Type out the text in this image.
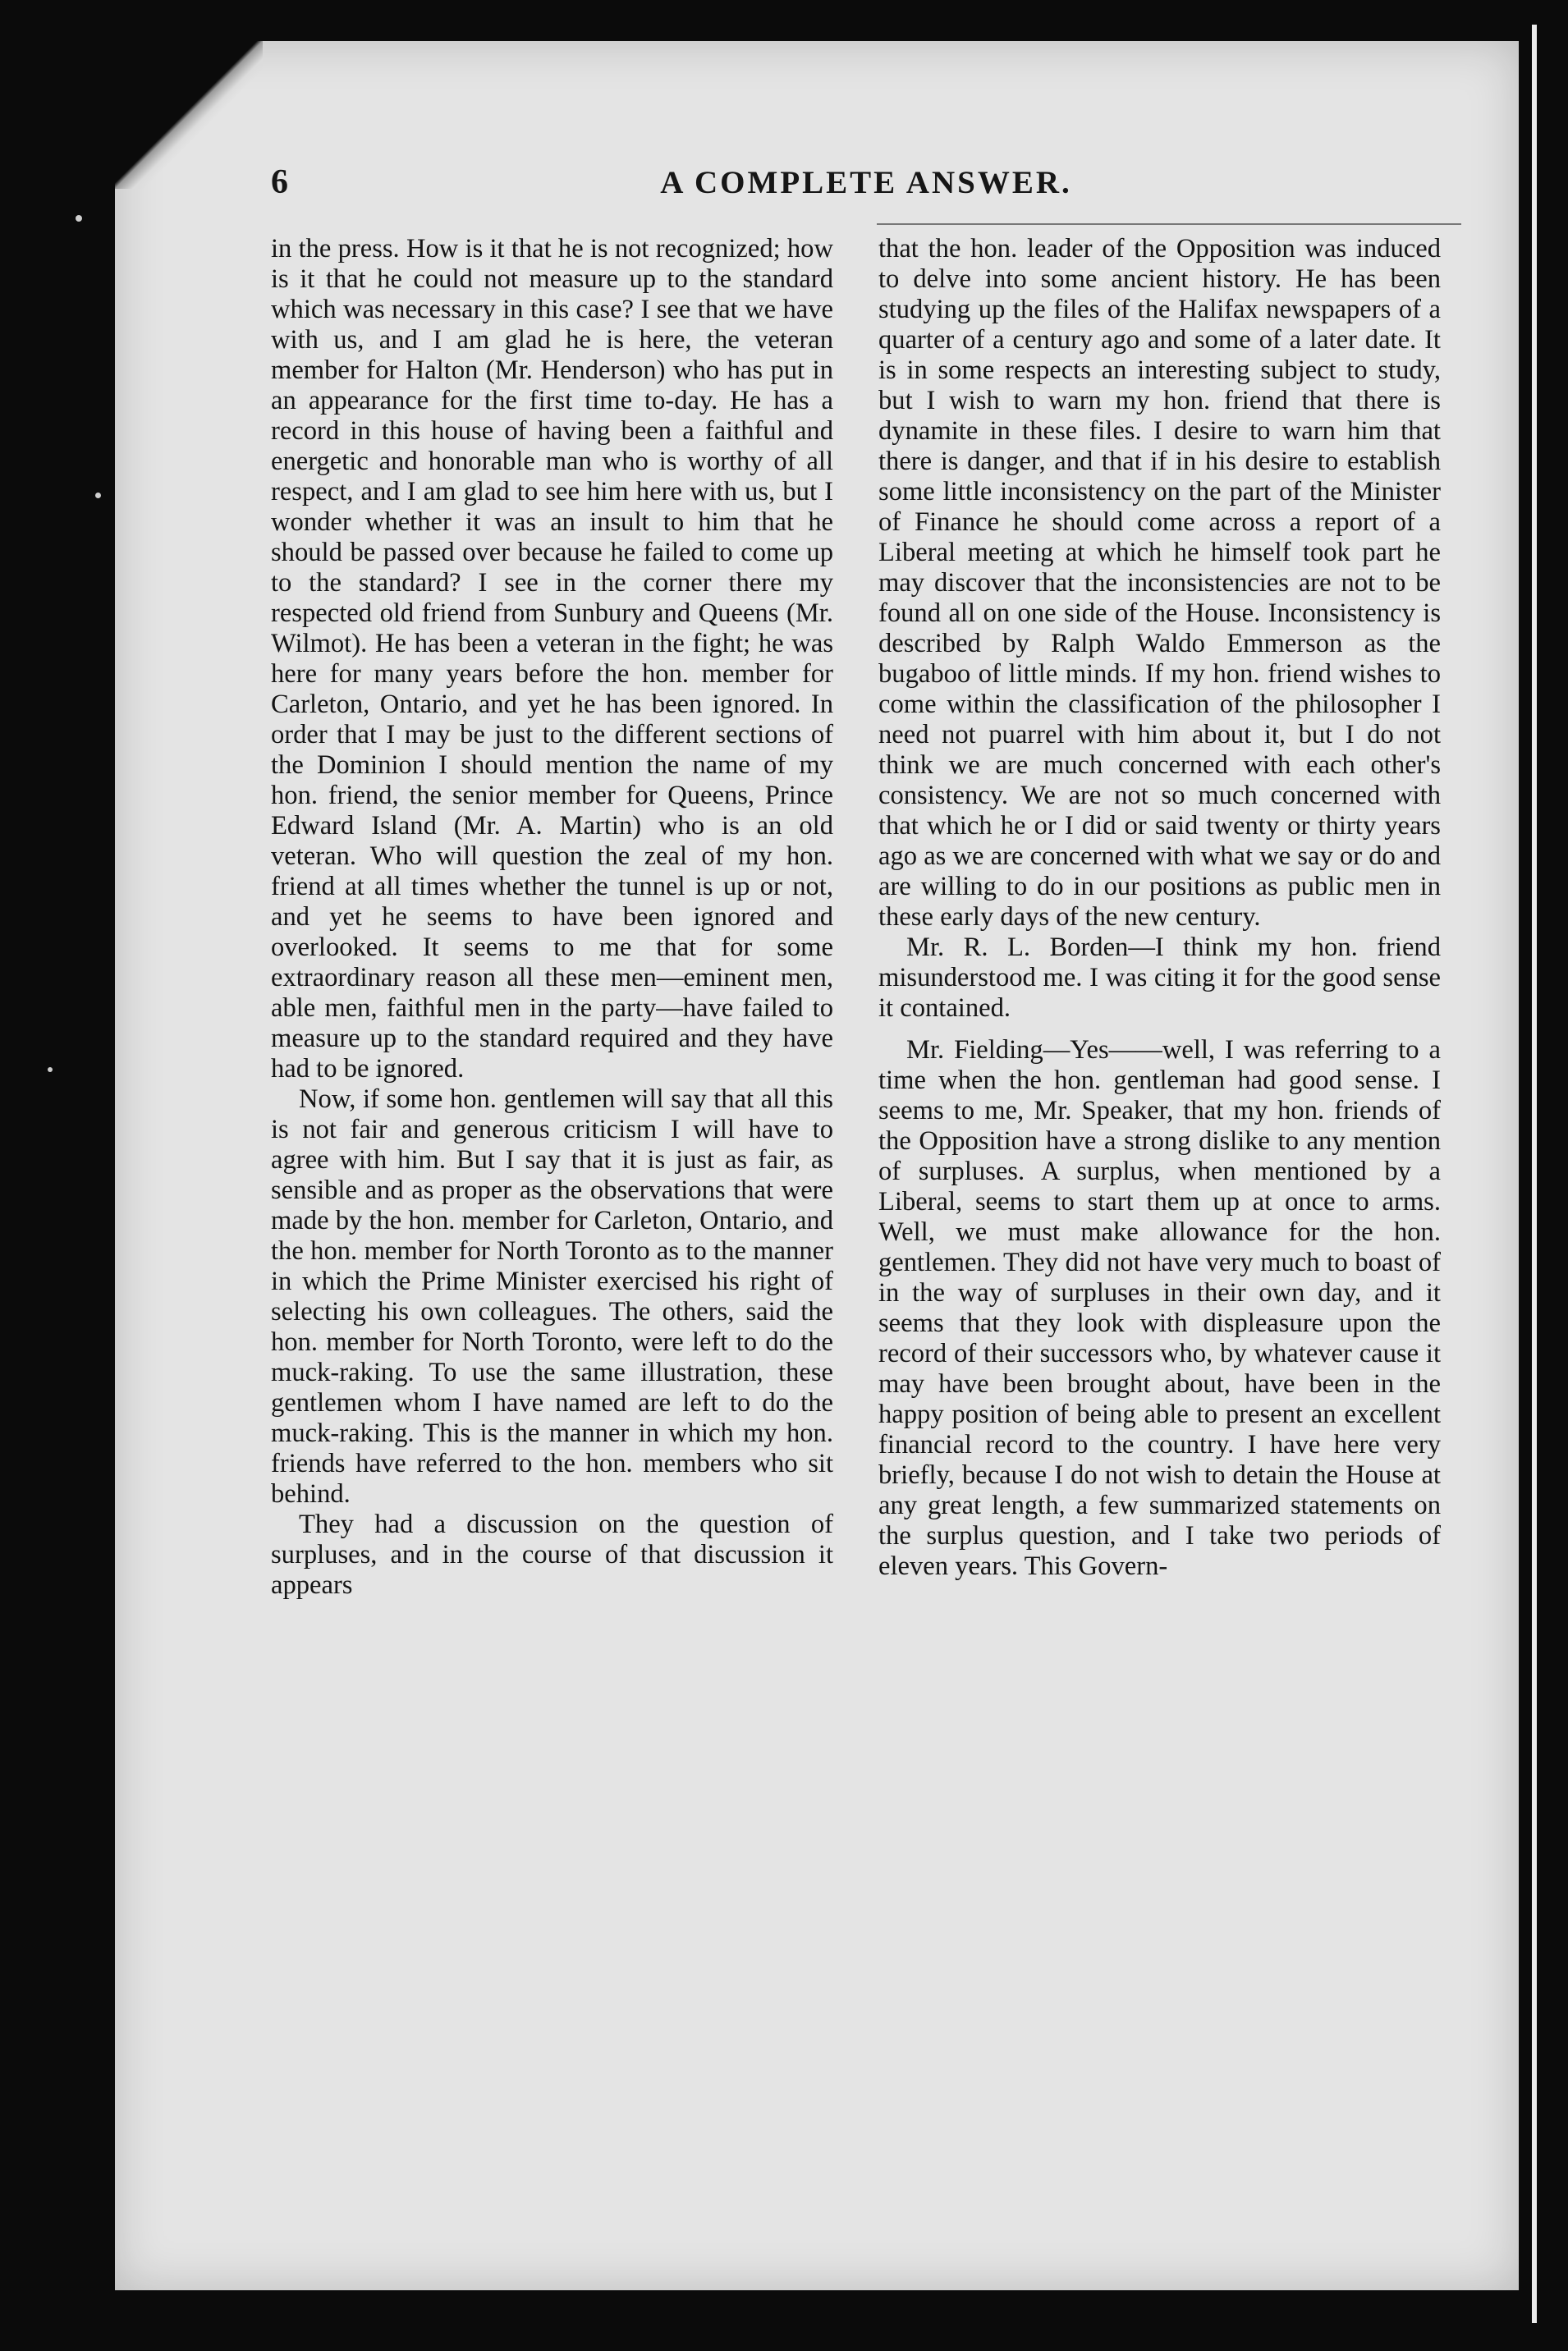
6	A COMPLETE ANSWER.

in the press. How is it that he is not recognized; how is it that he could not measure up to the standard which was necessary in this case? I see that we have with us, and I am glad he is here, the veteran member for Halton (Mr. Henderson) who has put in an appearance for the first time to-day. He has a record in this house of having been a faithful and energetic and honorable man who is worthy of all respect, and I am glad to see him here with us, but I wonder whether it was an insult to him that he should be passed over because he failed to come up to the standard? I see in the corner there my respected old friend from Sunbury and Queens (Mr. Wilmot). He has been a veteran in the fight; he was here for many years before the hon. member for Carleton, Ontario, and yet he has been ignored. In order that I may be just to the different sections of the Dominion I should mention the name of my hon. friend, the senior member for Queens, Prince Edward Island (Mr. A. Martin) who is an old veteran. Who will question the zeal of my hon. friend at all times whether the tunnel is up or not, and yet he seems to have been ignored and overlooked. It seems to me that for some extraordinary reason all these men—eminent men, able men, faithful men in the party—have failed to measure up to the standard required and they have had to be ignored.

Now, if some hon. gentlemen will say that all this is not fair and generous criticism I will have to agree with him. But I say that it is just as fair, as sensible and as proper as the observations that were made by the hon. member for Carleton, Ontario, and the hon. member for North Toronto as to the manner in which the Prime Minister exercised his right of selecting his own colleagues. The others, said the hon. member for North Toronto, were left to do the muck-raking. To use the same illustration, these gentlemen whom I have named are left to do the muck-raking. This is the manner in which my hon. friends have referred to the hon. members who sit behind.

They had a discussion on the question of surpluses, and in the course of that discussion it appears

that the hon. leader of the Opposition was induced to delve into some ancient history. He has been studying up the files of the Halifax newspapers of a quarter of a century ago and some of a later date. It is in some respects an interesting subject to study, but I wish to warn my hon. friend that there is dynamite in these files. I desire to warn him that there is danger, and that if in his desire to establish some little inconsistency on the part of the Minister of Finance he should come across a report of a Liberal meeting at which he himself took part he may discover that the inconsistencies are not to be found all on one side of the House. Inconsistency is described by Ralph Waldo Emmerson as the bugaboo of little minds. If my hon. friend wishes to come within the classification of the philosopher I need not puarrel with him about it, but I do not think we are much concerned with each other's consistency. We are not so much concerned with that which he or I did or said twenty or thirty years ago as we are concerned with what we say or do and are willing to do in our positions as public men in these early days of the new century.

Mr. R. L. Borden—I think my hon. friend misunderstood me. I was citing it for the good sense it contained.

Mr. Fielding—Yes——well, I was referring to a time when the hon. gentleman had good sense. I seems to me, Mr. Speaker, that my hon. friends of the Opposition have a strong dislike to any mention of surpluses. A surplus, when mentioned by a Liberal, seems to start them up at once to arms. Well, we must make allowance for the hon. gentlemen. They did not have very much to boast of in the way of surpluses in their own day, and it seems that they look with displeasure upon the record of their successors who, by whatever cause it may have been brought about, have been in the happy position of being able to present an excellent financial record to the country. I have here very briefly, because I do not wish to detain the House at any great length, a few summarized statements on the surplus question, and I take two periods of eleven years. This Govern-
